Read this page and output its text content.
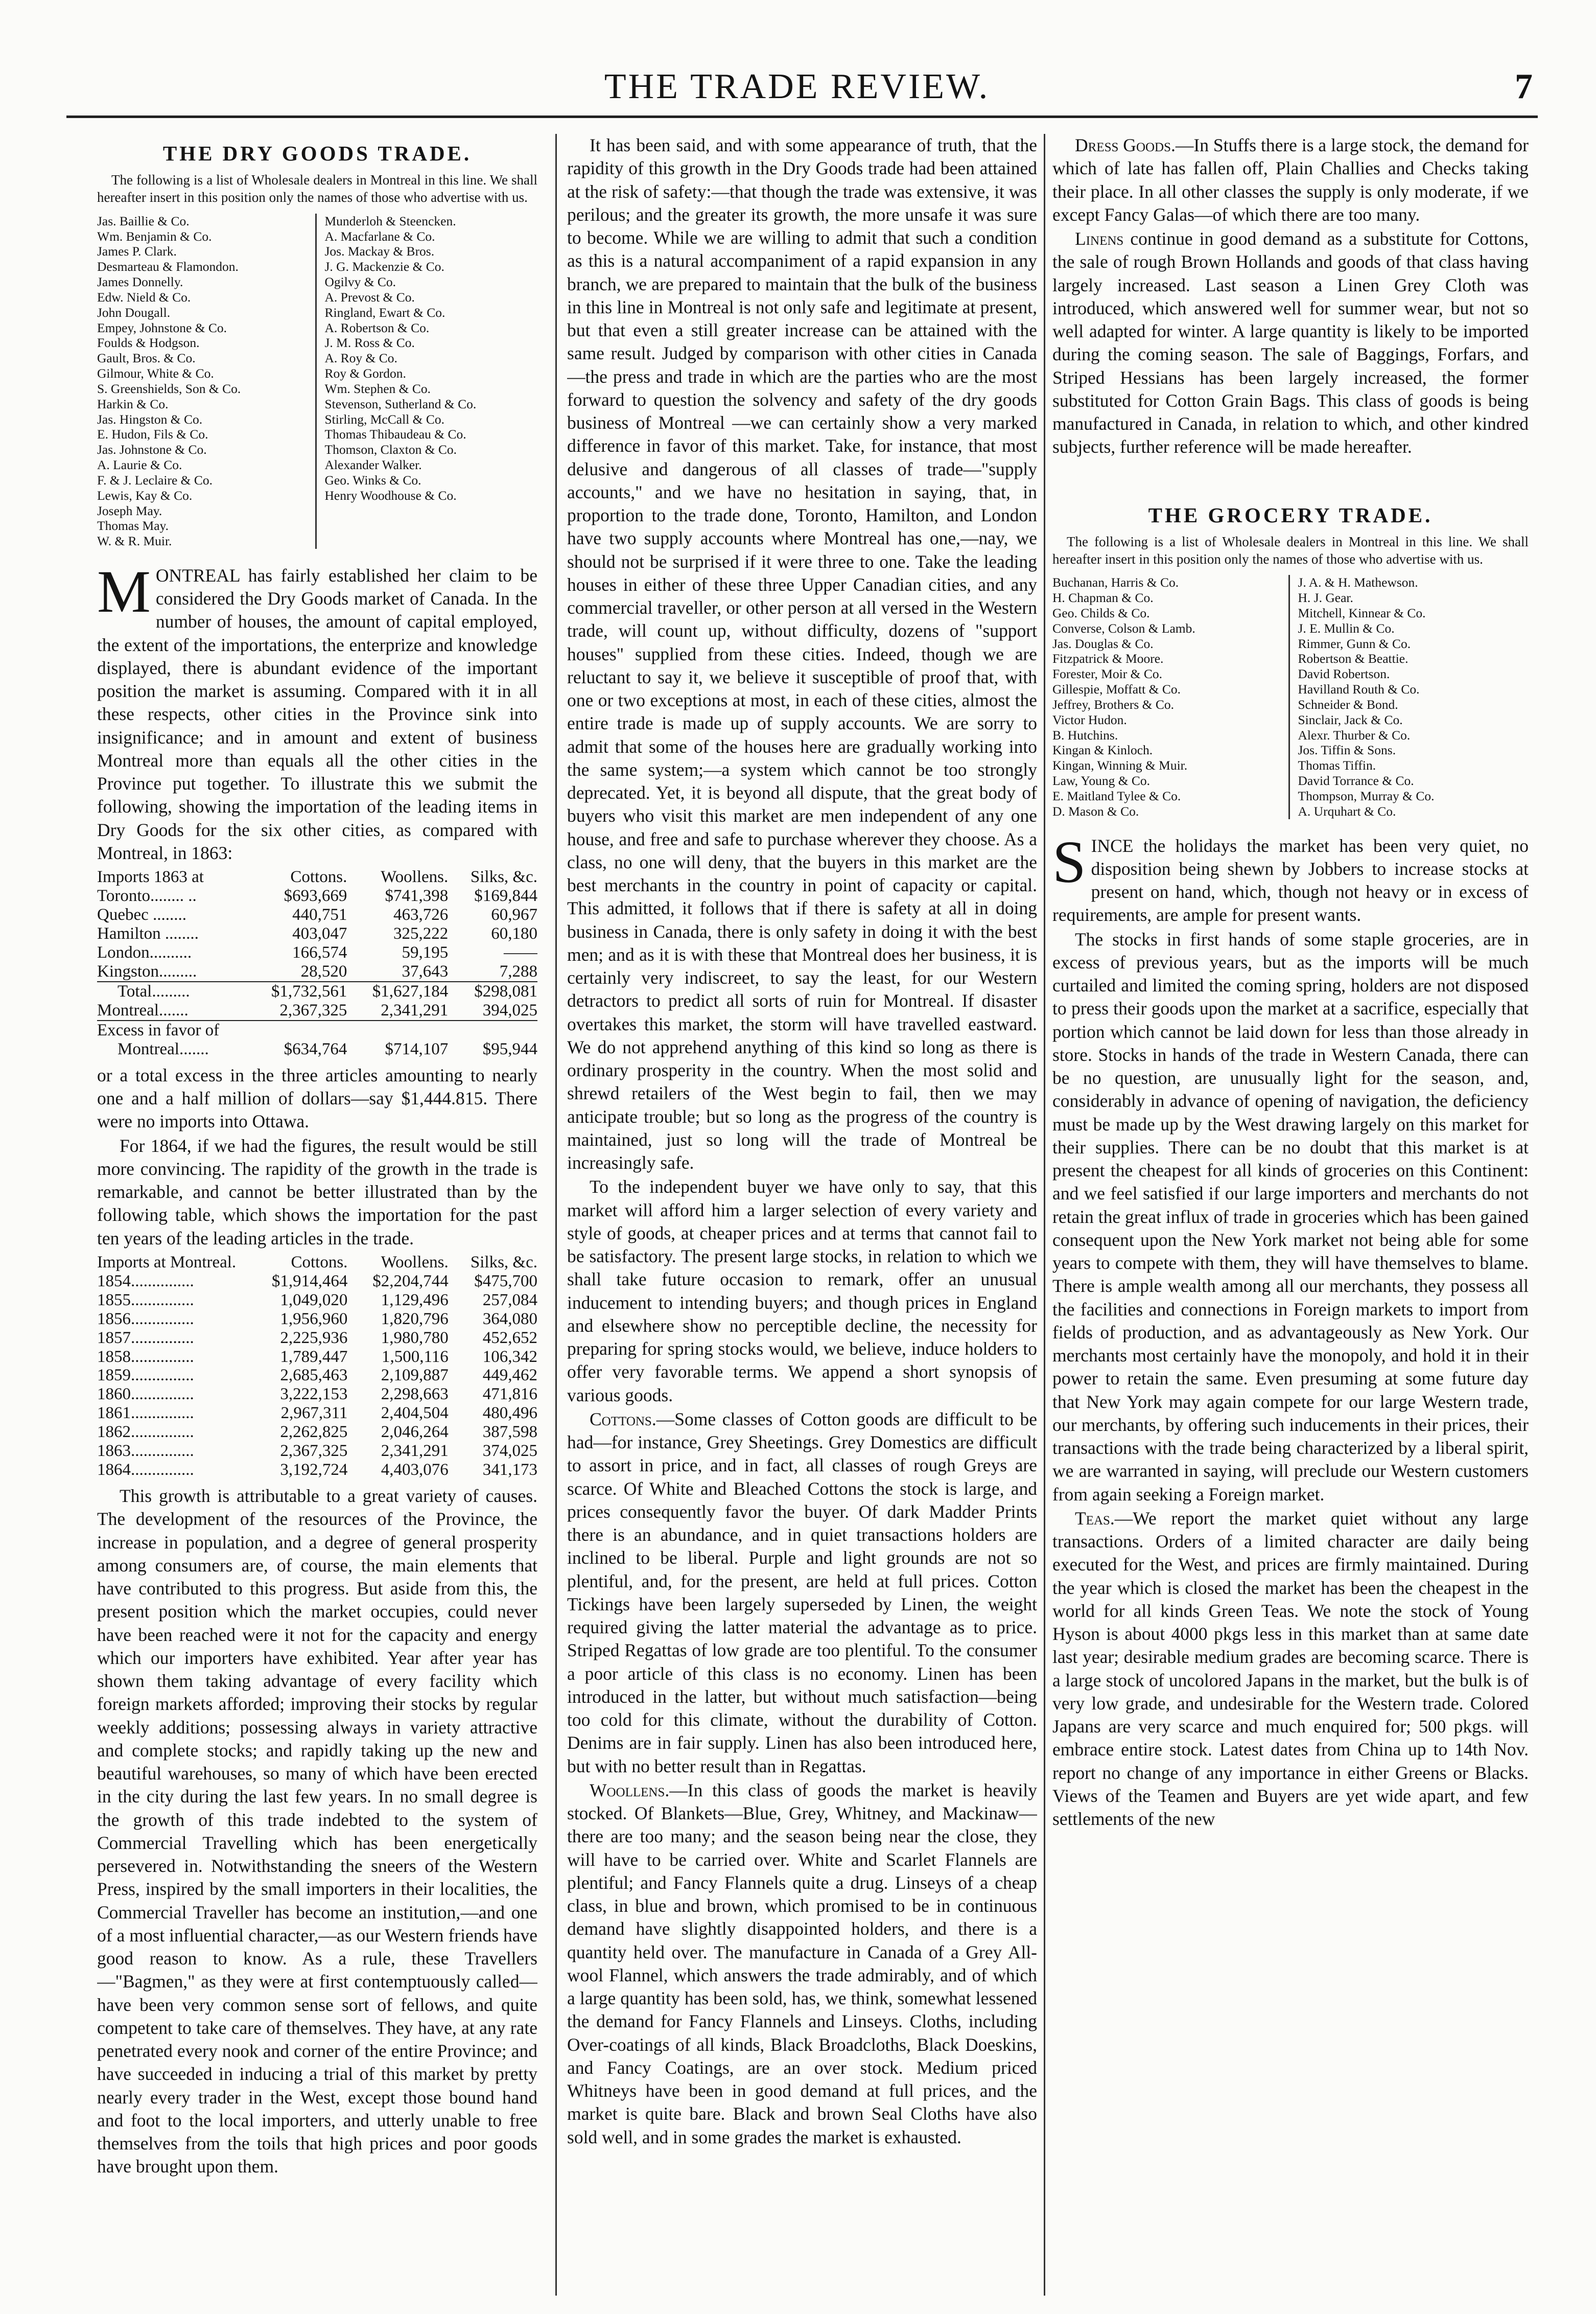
THE TRADE REVIEW.	7
THE DRY GOODS TRADE.

The following is a list of Wholesale dealers in Montreal in this line. We shall hereafter insert in this position only the names of those who advertise with us.

Jas. Baillie & Co.
Wm. Benjamin & Co.
James P. Clark.
Desmarteau & Flamondon.
James Donnelly.
Edw. Nield & Co.
John Dougall.
Empey, Johnstone & Co.
Foulds & Hodgson.
Gault, Bros. & Co.
Gilmour, White & Co.
S. Greenshields, Son & Co.
Harkin & Co.
Jas. Hingston & Co.
E. Hudon, Fils & Co.
Jas. Johnstone & Co.
A. Laurie & Co.
F. & J. Leclaire & Co.
Lewis, Kay & Co.
Joseph May.
Thomas May.
W. & R. Muir.
Munderloh & Steencken.
A. Macfarlane & Co.
Jos. Mackay & Bros.
J. G. Mackenzie & Co.
Ogilvy & Co.
A. Prevost & Co.
Ringland, Ewart & Co.
A. Robertson & Co.
J. M. Ross & Co.
A. Roy & Co.
Roy & Gordon.
Wm. Stephen & Co.
Stevenson, Sutherland & Co.
Stirling, McCall & Co.
Thomas Thibaudeau & Co.
Thomson, Claxton & Co.
Alexander Walker.
Geo. Winks & Co.
Henry Woodhouse & Co.

MONTREAL has fairly established her claim to be considered the Dry Goods market of Canada. In the number of houses, the amount of capital employed, the extent of the importations, the enterprize and knowledge displayed, there is abundant evidence of the important position the market is assuming. Compared with it in all these respects, other cities in the Province sink into insignificance; and in amount and extent of business Montreal more than equals all the other cities in the Province put together. To illustrate this we submit the following, showing the importation of the leading items in Dry Goods for the six other cities, as compared with Montreal, in 1863:

Imports 1863 at	Cottons.	Woollens.	Silks, &c.
Toronto........ ..	$693,669	$741,398	$169,844
Quebec ........	440,751	463,726	60,967
Hamilton ........	403,047	325,222	60,180
London..........	166,574	59,195	——
Kingston.........	28,520	37,643	7,288
Total.........	$1,732,561	$1,627,184	$298,081
Montreal.......	2,367,325	2,341,291	394,025
Excess in favor of			
Montreal.......	$634,764	$714,107	$95,944

or a total excess in the three articles amounting to nearly one and a half million of dollars—say $1,444.815. There were no imports into Ottawa.

For 1864, if we had the figures, the result would be still more convincing. The rapidity of the growth in the trade is remarkable, and cannot be better illustrated than by the following table, which shows the importation for the past ten years of the leading articles in the trade.

Imports at Montreal.	Cottons.	Woollens.	Silks, &c.
1854...............	$1,914,464	$2,204,744	$475,700
1855...............	1,049,020	1,129,496	257,084
1856...............	1,956,960	1,820,796	364,080
1857...............	2,225,936	1,980,780	452,652
1858...............	1,789,447	1,500,116	106,342
1859...............	2,685,463	2,109,887	449,462
1860...............	3,222,153	2,298,663	471,816
1861...............	2,967,311	2,404,504	480,496
1862...............	2,262,825	2,046,264	387,598
1863...............	2,367,325	2,341,291	374,025
1864...............	3,192,724	4,403,076	341,173

This growth is attributable to a great variety of causes. The development of the resources of the Province, the increase in population, and a degree of general prosperity among consumers are, of course, the main elements that have contributed to this progress. But aside from this, the present position which the market occupies, could never have been reached were it not for the capacity and energy which our importers have exhibited. Year after year has shown them taking advantage of every facility which foreign markets afforded; improving their stocks by regular weekly additions; possessing always in variety attractive and complete stocks; and rapidly taking up the new and beautiful warehouses, so many of which have been erected in the city during the last few years. In no small degree is the growth of this trade indebted to the system of Commercial Travelling which has been energetically persevered in. Notwithstanding the sneers of the Western Press, inspired by the small importers in their localities, the Commercial Traveller has become an institution,—and one of a most influential character,—as our Western friends have good reason to know. As a rule, these Travellers —"Bagmen," as they were at first contemptuously called—have been very common sense sort of fellows, and quite competent to take care of themselves. They have, at any rate penetrated every nook and corner of the entire Province; and have succeeded in inducing a trial of this market by pretty nearly every trader in the West, except those bound hand and foot to the local importers, and utterly unable to free themselves from the toils that high prices and poor goods have brought upon them.

It has been said, and with some appearance of truth, that the rapidity of this growth in the Dry Goods trade had been attained at the risk of safety:—that though the trade was extensive, it was perilous; and the greater its growth, the more unsafe it was sure to become. While we are willing to admit that such a condition as this is a natural accompaniment of a rapid expansion in any branch, we are prepared to maintain that the bulk of the business in this line in Montreal is not only safe and legitimate at present, but that even a still greater increase can be attained with the same result. Judged by comparison with other cities in Canada—the press and trade in which are the parties who are the most forward to question the solvency and safety of the dry goods business of Montreal —we can certainly show a very marked difference in favor of this market. Take, for instance, that most delusive and dangerous of all classes of trade—"supply accounts," and we have no hesitation in saying, that, in proportion to the trade done, Toronto, Hamilton, and London have two supply accounts where Montreal has one,—nay, we should not be surprised if it were three to one. Take the leading houses in either of these three Upper Canadian cities, and any commercial traveller, or other person at all versed in the Western trade, will count up, without difficulty, dozens of "support houses" supplied from these cities. Indeed, though we are reluctant to say it, we believe it susceptible of proof that, with one or two exceptions at most, in each of these cities, almost the entire trade is made up of supply accounts. We are sorry to admit that some of the houses here are gradually working into the same system;—a system which cannot be too strongly deprecated. Yet, it is beyond all dispute, that the great body of buyers who visit this market are men independent of any one house, and free and safe to purchase wherever they choose. As a class, no one will deny, that the buyers in this market are the best merchants in the country in point of capacity or capital. This admitted, it follows that if there is safety at all in doing business in Canada, there is only safety in doing it with the best men; and as it is with these that Montreal does her business, it is certainly very indiscreet, to say the least, for our Western detractors to predict all sorts of ruin for Montreal. If disaster overtakes this market, the storm will have travelled eastward. We do not apprehend anything of this kind so long as there is ordinary prosperity in the country. When the most solid and shrewd retailers of the West begin to fail, then we may anticipate trouble; but so long as the progress of the country is maintained, just so long will the trade of Montreal be increasingly safe.

To the independent buyer we have only to say, that this market will afford him a larger selection of every variety and style of goods, at cheaper prices and at terms that cannot fail to be satisfactory. The present large stocks, in relation to which we shall take future occasion to remark, offer an unusual inducement to intending buyers; and though prices in England and elsewhere show no perceptible decline, the necessity for preparing for spring stocks would, we believe, induce holders to offer very favorable terms. We append a short synopsis of various goods.

Cottons.—Some classes of Cotton goods are difficult to be had—for instance, Grey Sheetings. Grey Domestics are difficult to assort in price, and in fact, all classes of rough Greys are scarce. Of White and Bleached Cottons the stock is large, and prices consequently favor the buyer. Of dark Madder Prints there is an abundance, and in quiet transactions holders are inclined to be liberal. Purple and light grounds are not so plentiful, and, for the present, are held at full prices. Cotton Tickings have been largely superseded by Linen, the weight required giving the latter material the advantage as to price. Striped Regattas of low grade are too plentiful. To the consumer a poor article of this class is no economy. Linen has been introduced in the latter, but without much satisfaction—being too cold for this climate, without the durability of Cotton. Denims are in fair supply. Linen has also been introduced here, but with no better result than in Regattas.

Woollens.—In this class of goods the market is heavily stocked. Of Blankets—Blue, Grey, Whitney, and Mackinaw—there are too many; and the season being near the close, they will have to be carried over. White and Scarlet Flannels are plentiful; and Fancy Flannels quite a drug. Linseys of a cheap class, in blue and brown, which promised to be in continuous demand have slightly disappointed holders, and there is a quantity held over. The manufacture in Canada of a Grey All-wool Flannel, which answers the trade admirably, and of which a large quantity has been sold, has, we think, somewhat lessened the demand for Fancy Flannels and Linseys. Cloths, including Over-coatings of all kinds, Black Broadcloths, Black Doeskins, and Fancy Coatings, are an over stock. Medium priced Whitneys have been in good demand at full prices, and the market is quite bare. Black and brown Seal Cloths have also sold well, and in some grades the market is exhausted.

Dress Goods.—In Stuffs there is a large stock, the demand for which of late has fallen off, Plain Challies and Checks taking their place. In all other classes the supply is only moderate, if we except Fancy Galas—of which there are too many.

Linens continue in good demand as a substitute for Cottons, the sale of rough Brown Hollands and goods of that class having largely increased. Last season a Linen Grey Cloth was introduced, which answered well for summer wear, but not so well adapted for winter. A large quantity is likely to be imported during the coming season. The sale of Baggings, Forfars, and Striped Hessians has been largely increased, the former substituted for Cotton Grain Bags. This class of goods is being manufactured in Canada, in relation to which, and other kindred subjects, further reference will be made hereafter.

THE GROCERY TRADE.

The following is a list of Wholesale dealers in Montreal in this line. We shall hereafter insert in this position only the names of those who advertise with us.

Buchanan, Harris & Co.
H. Chapman & Co.
Geo. Childs & Co.
Converse, Colson & Lamb.
Jas. Douglas & Co.
Fitzpatrick & Moore.
Forester, Moir & Co.
Gillespie, Moffatt & Co.
Jeffrey, Brothers & Co.
Victor Hudon.
B. Hutchins.
Kingan & Kinloch.
Kingan, Winning & Muir.
Law, Young & Co.
E. Maitland Tylee & Co.
D. Mason & Co.
J. A. & H. Mathewson.
H. J. Gear.
Mitchell, Kinnear & Co.
J. E. Mullin & Co.
Rimmer, Gunn & Co.
Robertson & Beattie.
David Robertson.
Havilland Routh & Co.
Schneider & Bond.
Sinclair, Jack & Co.
Alexr. Thurber & Co.
Jos. Tiffin & Sons.
Thomas Tiffin.
David Torrance & Co.
Thompson, Murray & Co.
A. Urquhart & Co.

SINCE the holidays the market has been very quiet, no disposition being shewn by Jobbers to increase stocks at present on hand, which, though not heavy or in excess of requirements, are ample for present wants.

The stocks in first hands of some staple groceries, are in excess of previous years, but as the imports will be much curtailed and limited the coming spring, holders are not disposed to press their goods upon the market at a sacrifice, especially that portion which cannot be laid down for less than those already in store. Stocks in hands of the trade in Western Canada, there can be no question, are unusually light for the season, and, considerably in advance of opening of navigation, the deficiency must be made up by the West drawing largely on this market for their supplies. There can be no doubt that this market is at present the cheapest for all kinds of groceries on this Continent: and we feel satisfied if our large importers and merchants do not retain the great influx of trade in groceries which has been gained consequent upon the New York market not being able for some years to compete with them, they will have themselves to blame. There is ample wealth among all our merchants, they possess all the facilities and connections in Foreign markets to import from fields of production, and as advantageously as New York. Our merchants most certainly have the monopoly, and hold it in their power to retain the same. Even presuming at some future day that New York may again compete for our large Western trade, our merchants, by offering such inducements in their prices, their transactions with the trade being characterized by a liberal spirit, we are warranted in saying, will preclude our Western customers from again seeking a Foreign market.

Teas.—We report the market quiet without any large transactions. Orders of a limited character are daily being executed for the West, and prices are firmly maintained. During the year which is closed the market has been the cheapest in the world for all kinds Green Teas. We note the stock of Young Hyson is about 4000 pkgs less in this market than at same date last year; desirable medium grades are becoming scarce. There is a large stock of uncolored Japans in the market, but the bulk is of very low grade, and undesirable for the Western trade. Colored Japans are very scarce and much enquired for; 500 pkgs. will embrace entire stock. Latest dates from China up to 14th Nov. report no change of any importance in either Greens or Blacks. Views of the Teamen and Buyers are yet wide apart, and few settlements of the new
